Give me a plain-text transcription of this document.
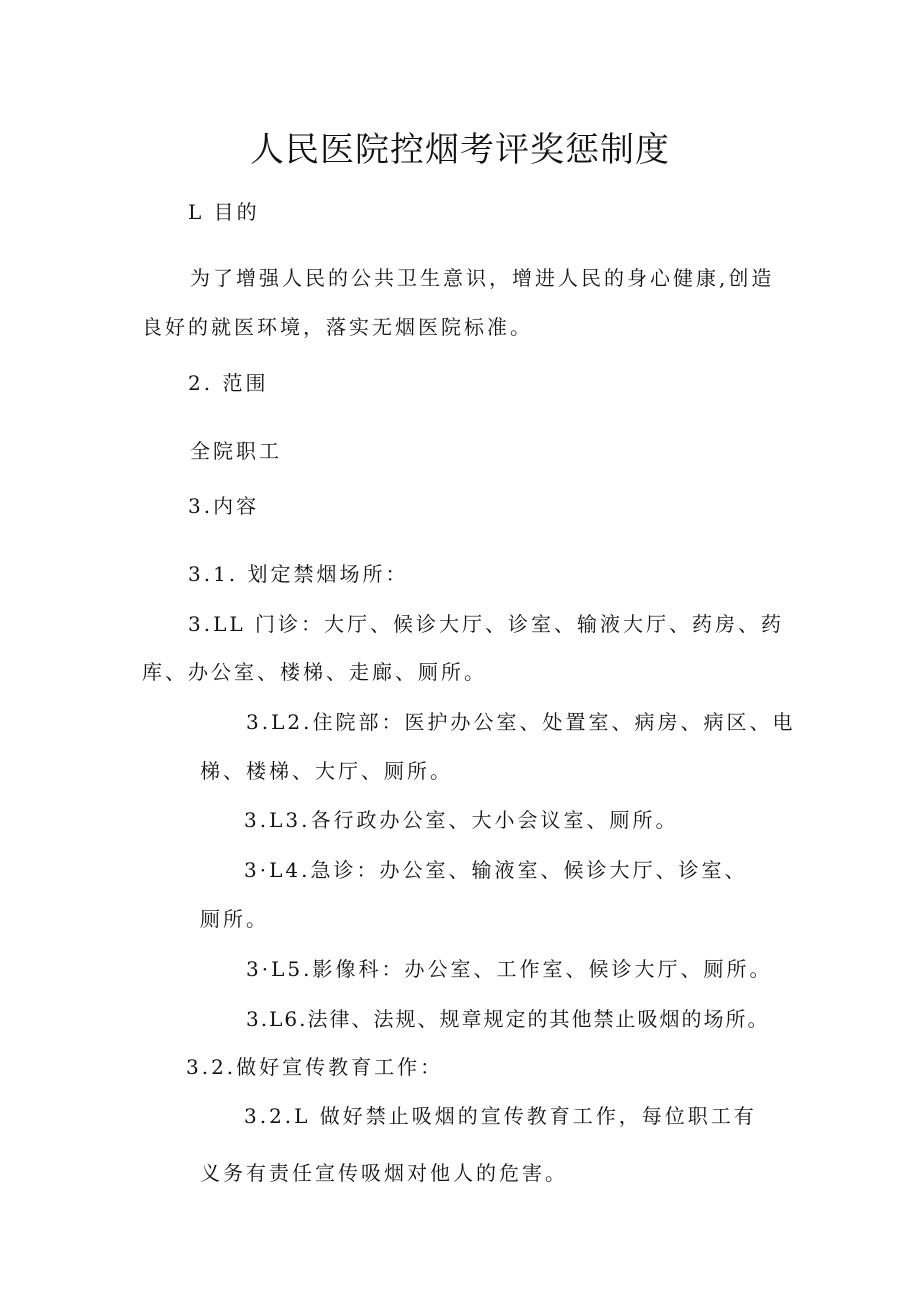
人民医院控烟考评奖惩制度
L 目的
为了增强人民的公共卫生意识，增进人民的身心健康,创造
良好的就医环境，落实无烟医院标准。
2. 范围
全院职工
3.内容
3.1. 划定禁烟场所：
3.LL 门诊：大厅、候诊大厅、诊室、输液大厅、药房、药
库、办公室、楼梯、走廊、厕所。
3.L2.住院部：医护办公室、处置室、病房、病区、电
梯、楼梯、大厅、厕所。
3.L3.各行政办公室、大小会议室、厕所。
3·L4.急诊：办公室、输液室、候诊大厅、诊室、
厕所。
3·L5.影像科：办公室、工作室、候诊大厅、厕所。
3.L6.法律、法规、规章规定的其他禁止吸烟的场所。
3.2.做好宣传教育工作：
3.2.L 做好禁止吸烟的宣传教育工作，每位职工有
义务有责任宣传吸烟对他人的危害。
